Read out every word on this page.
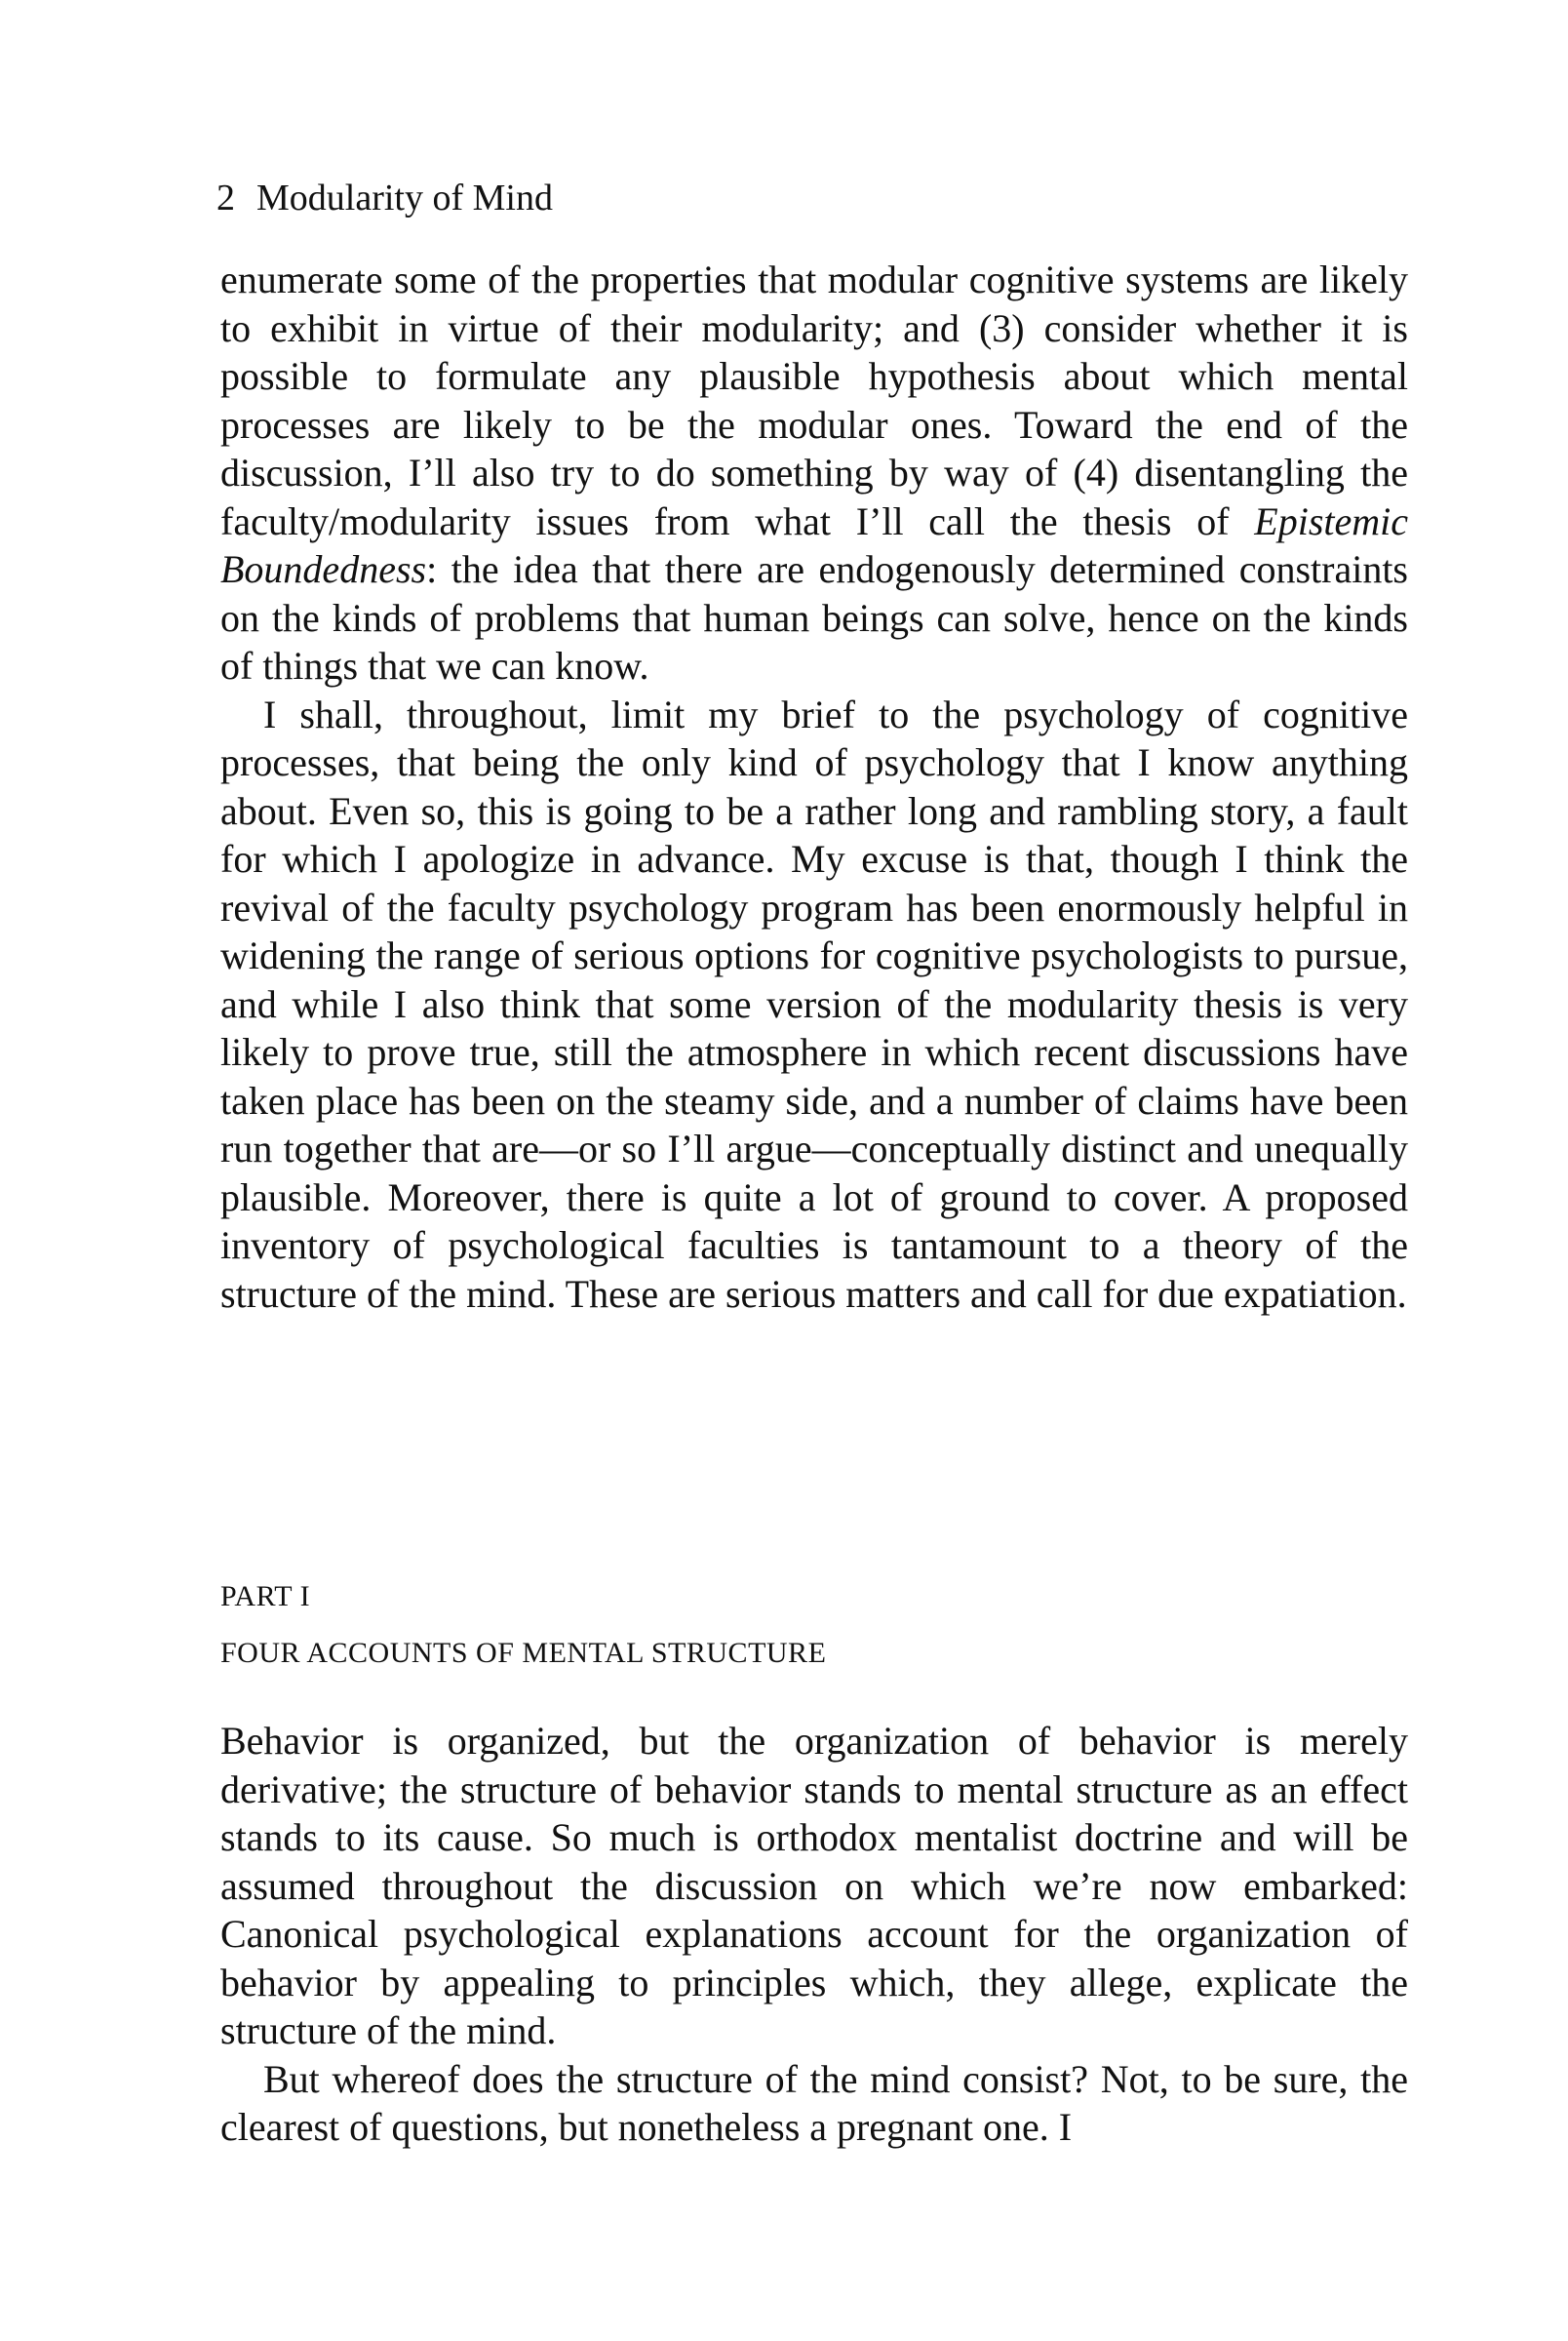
2 Modularity of Mind

enumerate some of the properties that modular cognitive systems are likely to exhibit in virtue of their modularity; and (3) consider whether it is possible to formulate any plausible hypothesis about which mental processes are likely to be the modular ones. Toward the end of the discussion, I’ll also try to do something by way of (4) disentangling the faculty/modularity issues from what I’ll call the thesis of Epistemic Boundedness: the idea that there are endogenously determined constraints on the kinds of problems that human beings can solve, hence on the kinds of things that we can know.

I shall, throughout, limit my brief to the psychology of cognitive processes, that being the only kind of psychology that I know anything about. Even so, this is going to be a rather long and rambling story, a fault for which I apologize in advance. My excuse is that, though I think the revival of the faculty psychology program has been enormously helpful in widening the range of serious options for cognitive psychologists to pursue, and while I also think that some version of the modularity thesis is very likely to prove true, still the atmosphere in which recent discussions have taken place has been on the steamy side, and a number of claims have been run together that are—or so I’ll argue—conceptually distinct and unequally plausible. Moreover, there is quite a lot of ground to cover. A proposed inventory of psychological faculties is tantamount to a theory of the structure of the mind. These are serious matters and call for due expatiation.

PART I
FOUR ACCOUNTS OF MENTAL STRUCTURE

Behavior is organized, but the organization of behavior is merely derivative; the structure of behavior stands to mental structure as an effect stands to its cause. So much is orthodox mentalist doctrine and will be assumed throughout the discussion on which we’re now embarked: Canonical psychological explanations account for the organization of behavior by appealing to principles which, they allege, explicate the structure of the mind.

But whereof does the structure of the mind consist? Not, to be sure, the clearest of questions, but nonetheless a pregnant one. I
